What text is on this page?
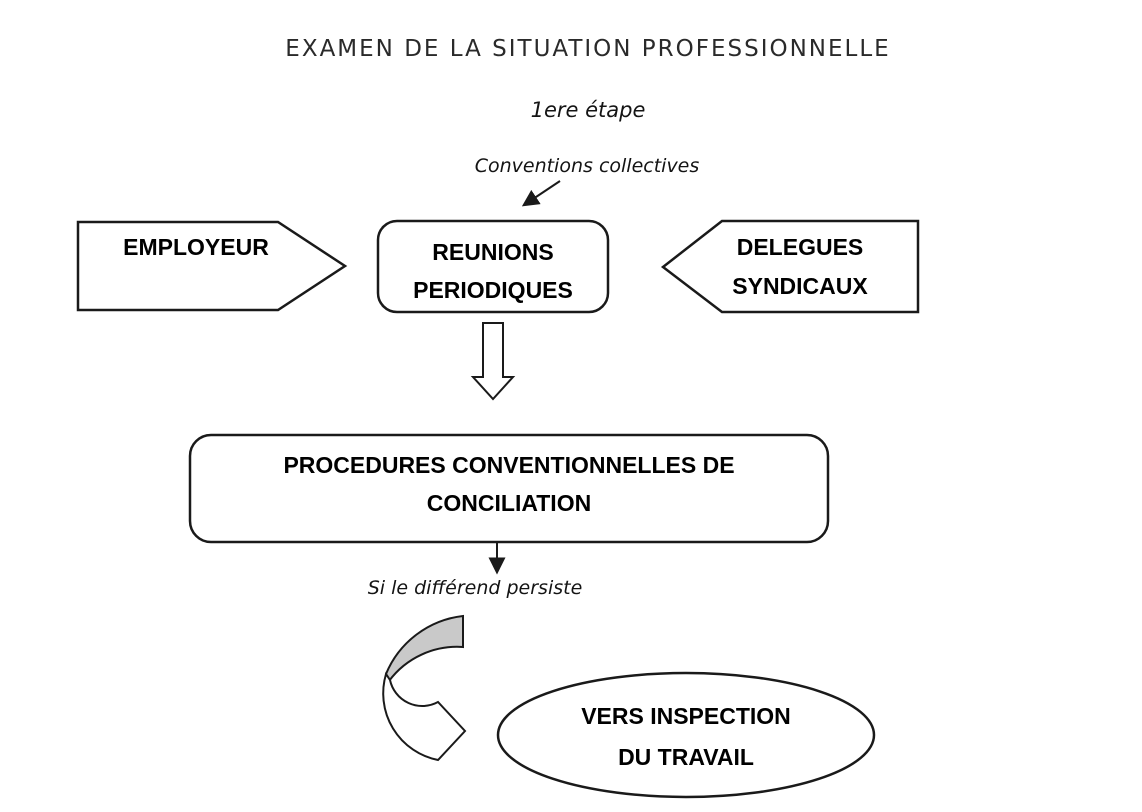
EXAMEN DE LA SITUATION PROFESSIONNELLE
1ere étape
Conventions collectives
EMPLOYEUR	REUNIONS
PERIODIQUES
DELEGUES
SYNDICAUX
PROCEDURES CONVENTIONNELLES DE
CONCILIATION
Si le différend persiste
VERS INSPECTION
DU TRAVAIL
